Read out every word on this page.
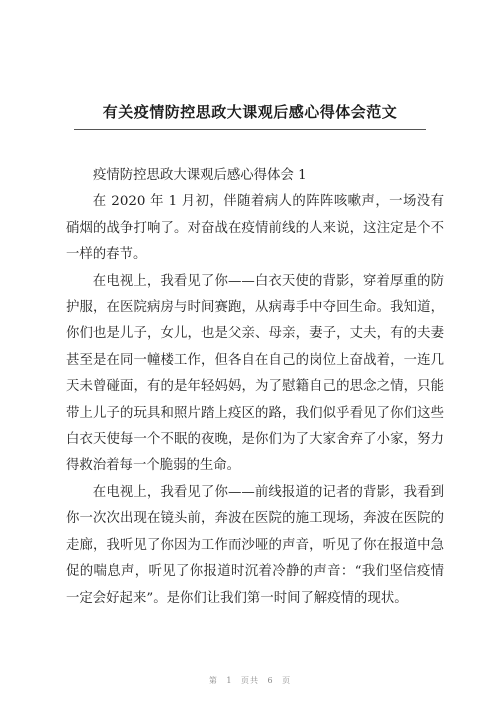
有关疫情防控思政大课观后感心得体会范文

疫情防控思政大课观后感心得体会 1

在 2020 年 1 月初，伴随着病人的阵阵咳嗽声，一场没有硝烟的战争打响了。对奋战在疫情前线的人来说，这注定是个不一样的春节。

在电视上，我看见了你——白衣天使的背影，穿着厚重的防护服，在医院病房与时间赛跑，从病毒手中夺回生命。我知道，你们也是儿子，女儿，也是父亲、母亲，妻子，丈夫，有的夫妻甚至是在同一幢楼工作，但各自在自己的岗位上奋战着，一连几天未曾碰面，有的是年轻妈妈，为了慰籍自己的思念之情，只能带上儿子的玩具和照片踏上疫区的路，我们似乎看见了你们这些白衣天使每一个不眠的夜晚，是你们为了大家舍弃了小家，努力得救治着每一个脆弱的生命。

在电视上，我看见了你——前线报道的记者的背影，我看到你一次次出现在镜头前，奔波在医院的施工现场，奔波在医院的走廊，我听见了你因为工作而沙哑的声音，听见了你在报道中急促的喘息声，听见了你报道时沉着冷静的声音：“我们坚信疫情一定会好起来”。是你们让我们第一时间了解疫情的现状。

第 1 页共 6 页
